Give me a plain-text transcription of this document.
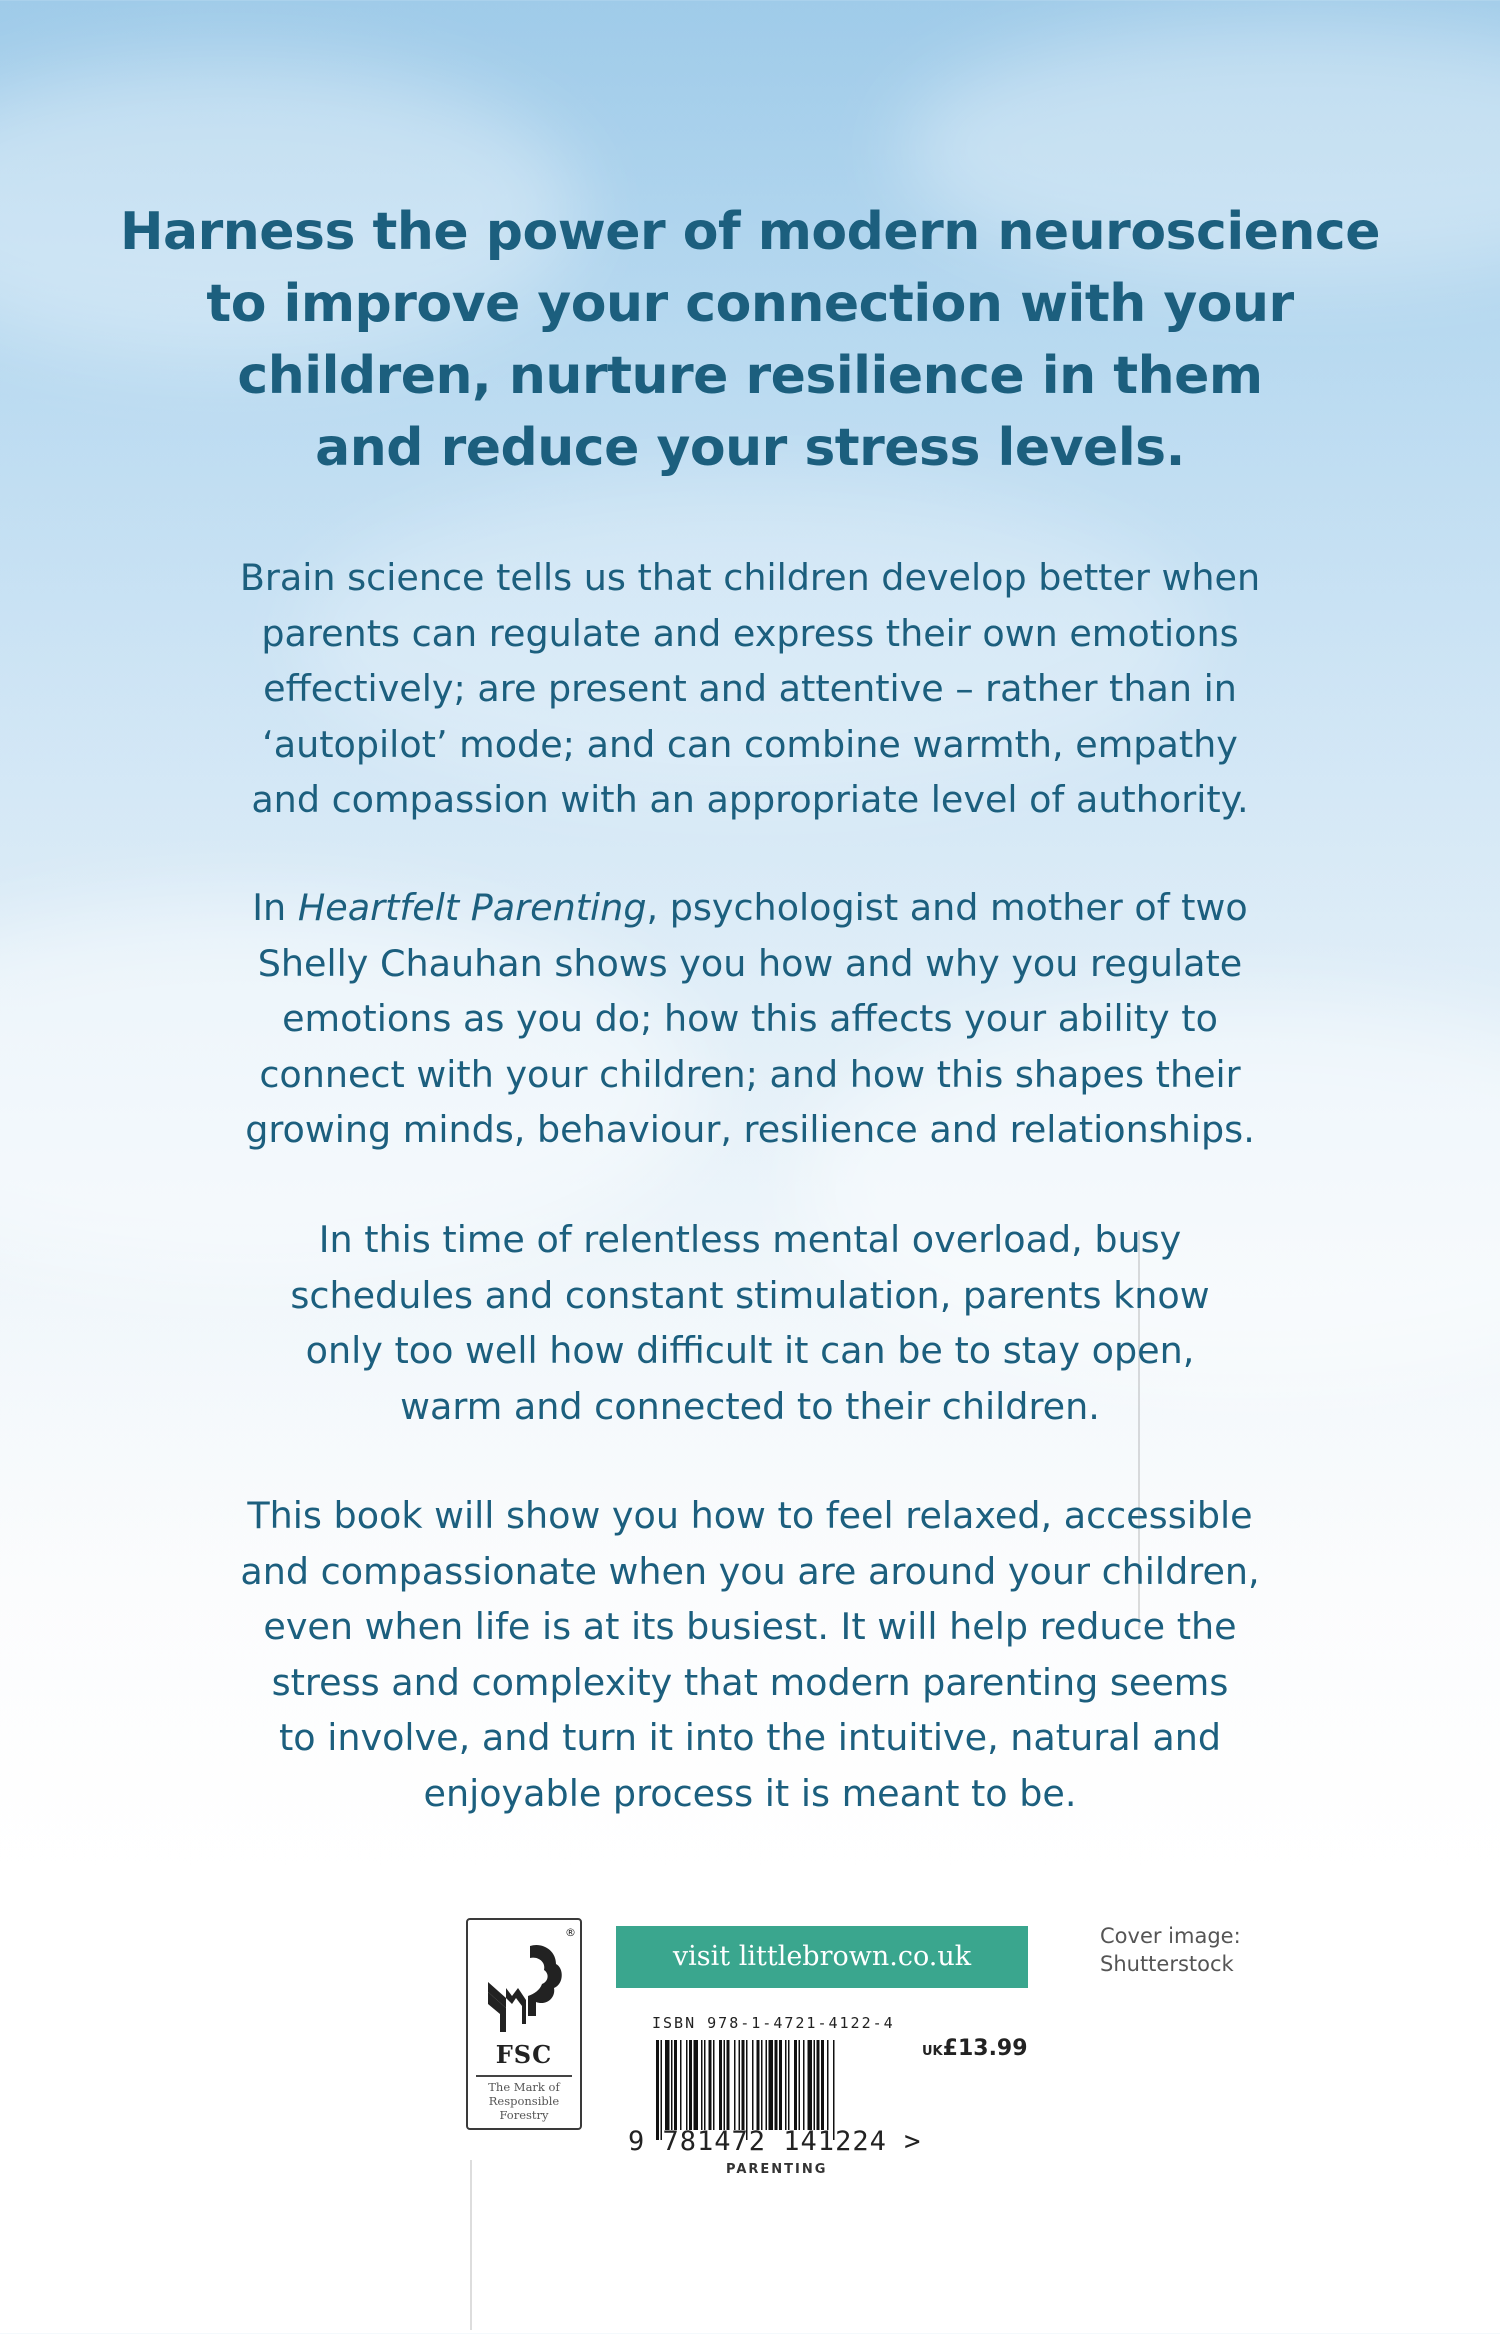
Harness the power of modern neuroscience
to improve your connection with your
children, nurture resilience in them
and reduce your stress levels.
Brain science tells us that children develop better when
parents can regulate and express their own emotions
effectively; are present and attentive – rather than in
‘autopilot’ mode; and can combine warmth, empathy
and compassion with an appropriate level of authority.
In Heartfelt Parenting, psychologist and mother of two
Shelly Chauhan shows you how and why you regulate
emotions as you do; how this affects your ability to
connect with your children; and how this shapes their
growing minds, behaviour, resilience and relationships.
In this time of relentless mental overload, busy
schedules and constant stimulation, parents know
only too well how difficult it can be to stay open,
warm and connected to their children.
This book will show you how to feel relaxed, accessible
and compassionate when you are around your children,
even when life is at its busiest. It will help reduce the
stress and complexity that modern parenting seems
to involve, and turn it into the intuitive, natural and
enjoyable process it is meant to be.
®
FSC
The Mark of
Responsible
Forestry
visit littlebrown.co.uk
Cover image:
Shutterstock
ISBN 978-1-4721-4122-4
UK£13.99
9 781472 141224 >
PARENTING
